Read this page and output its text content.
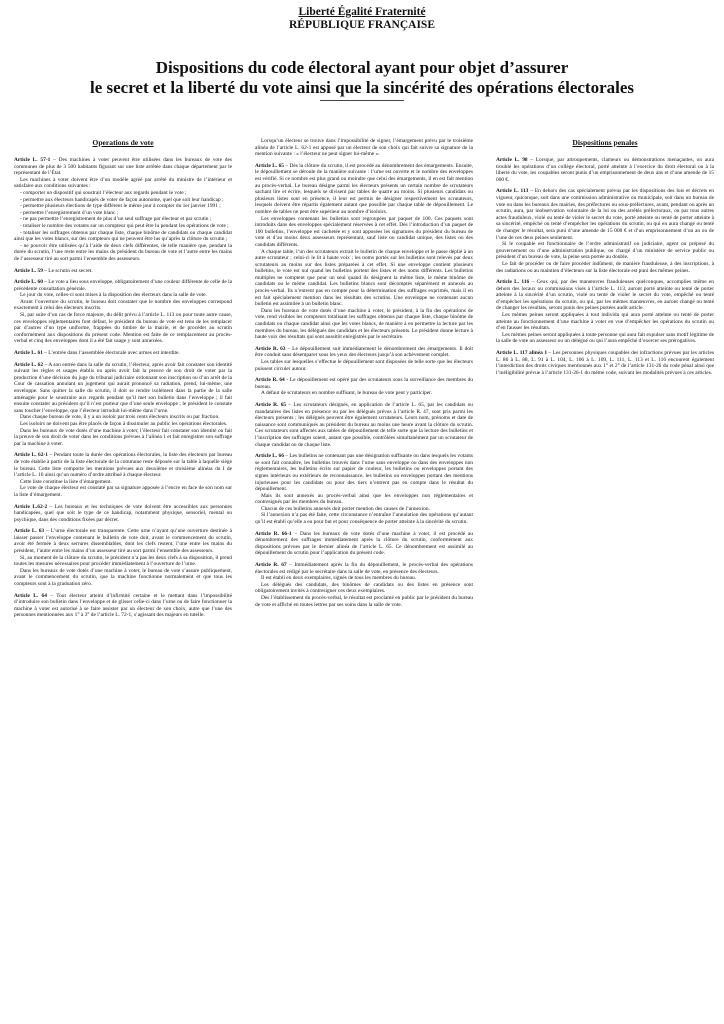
Liberté Égalité Fraternité
RÉPUBLIQUE FRANÇAISE
Dispositions du code électoral ayant pour objet d’assurer
le secret et la liberté du vote ainsi que la sincérité des opérations électorales
Operations de vote

Article L. 57-1 – Des machines à voter peuvent être utilisées dans les bureaux de vote des communes de plus de 3 500 habitants figurant sur une liste arrêtée dans chaque département par le représentant de l’État.

Les machines à voter doivent être d’un modèle agréé par arrêté du ministre de l’intérieur et satisfaire aux conditions suivantes :

- comporter un dispositif qui soustrait l’électeur aux regards pendant le vote ;

- permettre aux électeurs handicapés de voter de façon autonome, quel que soit leur handicap ;

- permettre plusieurs élections de type différent le même jour à compter du 1er janvier 1991 ;

- permettre l’enregistrement d’un vote blanc ;

- ne pas permettre l’enregistrement de plus d’un seul suffrage par électeur et par scrutin ;

- totaliser le nombre des votants sur un compteur qui peut être lu pendant les opérations de vote ;

- totaliser les suffrages obtenus par chaque liste, chaque binôme de candidats ou chaque candidat ainsi que les votes blancs, sur des compteurs qui ne peuvent être lus qu’après la clôture du scrutin ;

- ne pouvoir être utilisées qu’à l’aide de deux clefs différentes, de telle manière que, pendant la durée du scrutin, l’une reste entre les mains du président du bureau de vote et l’autre entre les mains de l’assesseur tiré au sort parmi l’ensemble des assesseurs.

Article L. 59 – Le scrutin est secret.

Article L. 60 – Le vote a lieu sous enveloppe, obligatoirement d’une couleur différente de celle de la précédente consultation générale.

Le jour du vote, celles-ci sont mises à la disposition des électeurs dans la salle de vote.

Avant l’ouverture du scrutin, le bureau doit constater que le nombre des enveloppes correspond exactement à celui des électeurs inscrits.

Si, par suite d’un cas de force majeure, du délit prévu à l’article L. 113 ou pour toute autre cause, ces enveloppes réglementaires font défaut, le président du bureau de vote est tenu de les remplacer par d’autres d’un type uniforme, frappées du timbre de la mairie, et de procéder au scrutin conformément aux dispositions du présent code. Mention est faite de ce remplacement au procès-verbal et cinq des enveloppes dont il a été fait usage y sont annexées.

Article L. 61 – L’entrée dans l’assemblée électorale avec armes est interdite.

Article L. 62 – A son entrée dans la salle du scrutin, l’électeur, après avoir fait constater son identité suivant les règles et usages établis ou après avoir fait la preuve de son droit de voter par la production d’une décision du juge du tribunal judiciaire ordonnant son inscription ou d’un arrêt de la Cour de cassation annulant un jugement qui aurait prononcé sa radiation, prend, lui-même, une enveloppe. Sans quitter la salle du scrutin, il doit se rendre isolément dans la partie de la salle aménagée pour le soustraire aux regards pendant qu’il met son bulletin dans l’enveloppe ; il fait ensuite constater au président qu’il n’est porteur que d’une seule enveloppe ; le président le constate sans toucher l’enveloppe, que l’électeur introduit lui-même dans l’urne.

Dans chaque bureau de vote, il y a un isoloir par trois cents électeurs inscrits ou par fraction.

Les isoloirs ne doivent pas être placés de façon à dissimuler au public les opérations électorales.

Dans les bureaux de vote dotés d’une machine à voter, l’électeur fait constater son identité ou fait la preuve de son droit de voter dans les conditions prévues à l’alinéa 1 et fait enregistrer son suffrage par la machine à voter.

Article L. 62-1 – Pendant toute la durée des opérations électorales, la liste des électeurs par bureau de vote établie à partir de la liste électorale de la commune reste déposée sur la table à laquelle siège le bureau. Cette liste comporte les mentions prévues aux deuxième et troisième alinéas du I de l’article L. 16 ainsi qu’un numéro d’ordre attribué à chaque électeur.

Cette liste constitue la liste d’émargement.

Le vote de chaque électeur est constaté par sa signature apposée à l’encre en face de son nom sur la liste d’émargement.

Article L.62-2 – Les bureaux et les techniques de vote doivent être accessibles aux personnes handicapées, quel que soit le type de ce handicap, notamment physique, sensoriel, mental ou psychique, dans des conditions fixées par décret.

Article L. 63 – L’urne électorale est transparente. Cette urne n’ayant qu’une ouverture destinée à laisser passer l’enveloppe contenant le bulletin de vote doit, avant le commencement du scrutin, avoir été fermée à deux serrures dissemblables, dont les clefs restent, l’une entre les mains du président, l’autre entre les mains d’un assesseur tiré au sort parmi l’ensemble des assesseurs.

Si, au moment de la clôture du scrutin, le président n’a pas les deux clefs à sa disposition, il prend toutes les mesures nécessaires pour procéder immédiatement à l’ouverture de l’urne.

Dans les bureaux de vote dotés d’une machine à voter, le bureau de vote s’assure publiquement, avant le commencement du scrutin, que la machine fonctionne normalement et que tous les compteurs sont à la graduation zéro.

Article L. 64 – Tout électeur atteint d’infirmité certaine et le mettant dans l’impossibilité d’introduire son bulletin dans l’enveloppe et de glisser celle-ci dans l’urne ou de faire fonctionner la machine à voter est autorisé à se faire assister par un électeur de son choix, autre que l’une des personnes mentionnées aux 1° à 3° de l’article L. 72-1, s’agissant des majeurs en tutelle.

Lorsqu’un électeur se trouve dans l’impossibilité de signer, l’émargement prévu par le troisième alinéa de l’article L. 62-1 est apposé par un électeur de son choix qui fait suivre sa signature de la mention suivante : « l’électeur ne peut signer lui-même ».

Article L. 65 – Dès la clôture du scrutin, il est procédé au dénombrement des émargements. Ensuite, le dépouillement se déroule de la manière suivante : l’urne est ouverte et le nombre des enveloppes est vérifié. Si ce nombre est plus grand ou moindre que celui des émargements, il en est fait mention au procès-verbal. Le bureau désigne parmi les électeurs présents un certain nombre de scrutateurs sachant lire et écrire, lesquels se divisent par tables de quatre au moins. Si plusieurs candidats ou plusieurs listes sont en présence, il leur est permis de désigner respectivement les scrutateurs, lesquels doivent être répartis également autant que possible par chaque table de dépouillement. Le nombre de tables ne peut être supérieur au nombre d’isoloirs.

Les enveloppes contenant les bulletins sont regroupées par paquet de 100. Ces paquets sont introduits dans des enveloppes spécialement réservées à cet effet. Dès l’introduction d’un paquet de 100 bulletins, l’enveloppe est cachetée et y sont apposées les signatures du président du bureau de vote et d’au moins deux assesseurs représentant, sauf liste ou candidat unique, des listes ou des candidats différents.

A chaque table, l’un des scrutateurs extrait le bulletin de chaque enveloppe et le passe déplié à un autre scrutateur ; celui-ci le lit à haute voix ; les noms portés sur les bulletins sont relevés par deux scrutateurs au moins sur des listes préparées à cet effet. Si une enveloppe contient plusieurs bulletins, le vote est nul quand les bulletins portent des listes et des noms différents. Les bulletins multiples ne comptent que pour un seul quand ils désignent la même liste, le même binôme de candidats ou le même candidat. Les bulletins blancs sont décomptés séparément et annexés au procès-verbal. Ils n’entrent pas en compte pour la détermination des suffrages exprimés, mais il en est fait spécialement mention dans les résultats des scrutins. Une enveloppe ne contenant aucun bulletin est assimilée à un bulletin blanc.

Dans les bureaux de vote dotés d’une machine à voter, le président, à la fin des opérations de vote, rend visibles les compteurs totalisant les suffrages obtenus par chaque liste, chaque binôme de candidats ou chaque candidat ainsi que les votes blancs, de manière à en permettre la lecture par les membres du bureau, les délégués des candidats et les électeurs présents. Le président donne lecture à haute voix des résultats qui sont aussitôt enregistrés par le secrétaire.

Article R. 63 – Le dépouillement suit immédiatement le dénombrement des émargements. Il doit être conduit sans désemparer sous les yeux des électeurs jusqu’à son achèvement complet.

Les tables sur lesquelles s’effectue le dépouillement sont disposées de telle sorte que les électeurs puissent circuler autour.

Article R. 64 - Le dépouillement est opéré par des scrutateurs sous la surveillance des membres du bureau.

A défaut de scrutateurs en nombre suffisant, le bureau de vote peut y participer.

Article R. 65 – Les scrutateurs désignés, en application de l’article L. 65, par les candidats ou mandataires des listes en présence ou par les délégués prévus à l’article R. 47, sont pris parmi les électeurs présents ; les délégués peuvent être également scrutateurs. Leurs nom, prénoms et date de naissance sont communiqués au président du bureau au moins une heure avant la clôture du scrutin. Ces scrutateurs sont affectés aux tables de dépouillement de telle sorte que la lecture des bulletins et l’inscription des suffrages soient, autant que possible, contrôlées simultanément par un scrutateur de chaque candidat ou de chaque liste.

Article L. 66 – Les bulletins ne contenant pas une désignation suffisante ou dans lesquels les votants se sont fait connaître, les bulletins trouvés dans l’urne sans enveloppe ou dans des enveloppes non réglementaires, les bulletins écrits sur papier de couleur, les bulletins ou enveloppes portant des signes intérieurs ou extérieurs de reconnaissance, les bulletins ou enveloppes portant des mentions injurieuses pour les candidats ou pour des tiers n’entrent pas en compte dans le résultat du dépouillement.

Mais ils sont annexés au procès-verbal ainsi que les enveloppes non réglementaires et contresignés par les membres du bureau.

Chacun de ces bulletins annexés doit porter mention des causes de l’annexion.

Si l’annexion n’a pas été faite, cette circonstance n’entraîne l’annulation des opérations qu’autant qu’il est établi qu’elle a eu pour but et pour conséquence de porter atteinte à la sincérité du scrutin.

Article R. 66-1 – Dans les bureaux de vote dotés d’une machine à voter, il est procédé au dénombrement des suffrages immédiatement après la clôture du scrutin, conformément aux dispositions prévues par le dernier alinéa de l’article L. 65. Ce dénombrement est assimilé au dépouillement du scrutin pour l’application du présent code.

Article R. 67 – Immédiatement après la fin du dépouillement, le procès-verbal des opérations électorales est rédigé par le secrétaire dans la salle de vote, en présence des électeurs.

Il est établi en deux exemplaires, signés de tous les membres du bureau.

Les délégués des candidats, des binômes de candidats ou des listes en présence sont obligatoirement invités à contresigner ces deux exemplaires.

Dès l’établissement du procès-verbal, le résultat est proclamé en public par le président du bureau de vote et affiché en toutes lettres par ses soins dans la salle de vote.

Dispositions penales

Article L. 98 – Lorsque, par attroupements, clameurs ou démonstrations menaçantes, on aura troublé les opérations d’un collège électoral, porté atteinte à l’exercice du droit électoral ou à la liberté du vote, les coupables seront punis d’un emprisonnement de deux ans et d’une amende de 15 000 €.

Article L. 113 – En dehors des cas spécialement prévus par les dispositions des lois et décrets en vigueur, quiconque, soit dans une commission administrative ou municipale, soit dans un bureau de vote ou dans les bureaux des mairies, des préfectures ou sous-préfectures, avant, pendant ou après un scrutin, aura, par inobservation volontaire de la loi ou des arrêtés préfectoraux, ou par tous autres actes frauduleux, violé ou tenté de violer le secret du vote, porté atteinte ou tenté de porter atteinte à sa sincérité, empêché ou tenté d’empêcher les opérations du scrutin, ou qui en aura changé ou tenté de changer le résultat, sera puni d’une amende de 15 000 € et d’un emprisonnement d’un an ou de l’une de ces deux peines seulement.

Si le coupable est fonctionnaire de l’ordre administratif ou judiciaire, agent ou préposé du gouvernement ou d’une administration publique, ou chargé d’un ministère de service public ou président d’un bureau de vote, la peine sera portée au double.

Le fait de procéder ou de faire procéder indûment, de manière frauduleuse, à des inscriptions, à des radiations ou au maintien d’électeurs sur la liste électorale est puni des mêmes peines.

Article L. 116 – Ceux qui, par des manœuvres frauduleuses quelconques, accomplies même en dehors des locaux ou commissions visés à l’article L. 113, auront porté atteinte ou tenté de porter atteinte à la sincérité d’un scrutin, violé ou tenté de violer le secret du vote, empêché ou tenté d’empêcher les opérations du scrutin, ou qui, par les mêmes manœuvres, en auront changé ou tenté de changer les résultats, seront punis des peines portées audit article.

Les mêmes peines seront appliquées à tout individu qui aura porté atteinte ou tenté de porter atteinte au fonctionnement d’une machine à voter en vue d’empêcher les opérations du scrutin ou d’en fausser les résultats.

Les mêmes peines seront appliquées à toute personne qui aura fait expulser sans motif légitime de la salle de vote un assesseur ou un délégué ou qui l’aura empêché d’exercer ses prérogatives.

Article L. 117 alinéa 1 – Les personnes physiques coupables des infractions prévues par les articles L. 86 à L. 88, L. 91 à L. 104, L. 106 à L. 109, L. 111, L. 113 et L. 116 encourent également l’interdiction des droits civiques mentionnés aux 1° et 2° de l’article 131-26 du code pénal ainsi que l’inéligibilité prévue à l’article 131-26-1 du même code, suivant les modalités prévues à ces articles.
